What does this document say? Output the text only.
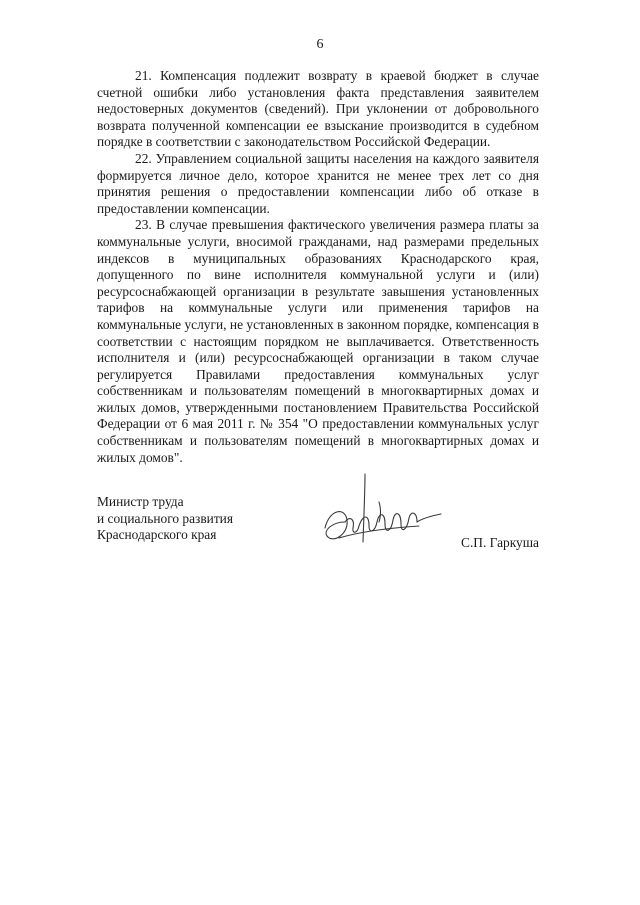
6

21. Компенсация подлежит возврату в краевой бюджет в случае счетной ошибки либо установления факта представления заявителем недостоверных документов (сведений). При уклонении от добровольного возврата полученной компенсации ее взыскание производится в судебном порядке в соответствии с законодательством Российской Федерации.

22. Управлением социальной защиты населения на каждого заявителя формируется личное дело, которое хранится не менее трех лет со дня принятия решения о предоставлении компенсации либо об отказе в предоставлении компенсации.

23. В случае превышения фактического увеличения размера платы за коммунальные услуги, вносимой гражданами, над размерами предельных индексов в муниципальных образованиях Краснодарского края, допущенного по вине исполнителя коммунальной услуги и (или) ресурсоснабжающей организации в результате завышения установленных тарифов на коммунальные услуги или применения тарифов на коммунальные услуги, не установленных в законном порядке, компенсация в соответствии с настоящим порядком не выплачивается. Ответственность исполнителя и (или) ресурсоснабжающей организации в таком случае регулируется Правилами предоставления коммунальных услуг собственникам и пользователям помещений в многоквартирных домах и жилых домов, утвержденными постановлением Правительства Российской Федерации от 6 мая 2011 г. № 354 "О предоставлении коммунальных услуг собственникам и пользователям помещений в многоквартирных домах и жилых домов".

Министр труда
и социального развития
Краснодарского края
С.П. Гаркуша
